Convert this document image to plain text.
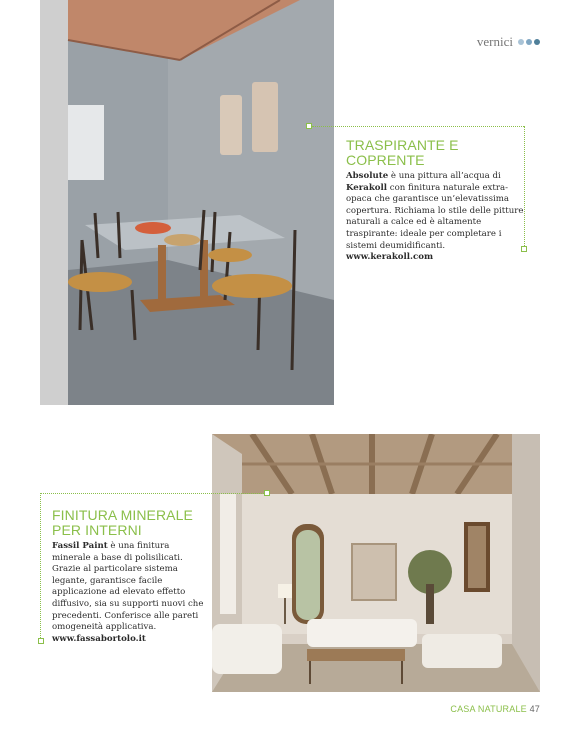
vernici
TRASPIRANTE E COPRENTE

Absolute è una pittura all’acqua di Kerakoll con finitura naturale extra-opaca che garantisce un’elevatissima copertura. Richiama lo stile delle pitture naturali a calce ed è altamente traspirante: ideale per completare i sistemi deumidificanti.

www.kerakoll.com
FINITURA MINERALE
PER INTERNI

Fassil Paint è una finitura minerale a base di polisilicati. Grazie al particolare sistema legante, garantisce facile applicazione ad elevato effetto diffusivo, sia su supporti nuovi che precedenti. Conferisce alle pareti omogeneità applicativa.

www.fassabortolo.it
CASA NATURALE 47
